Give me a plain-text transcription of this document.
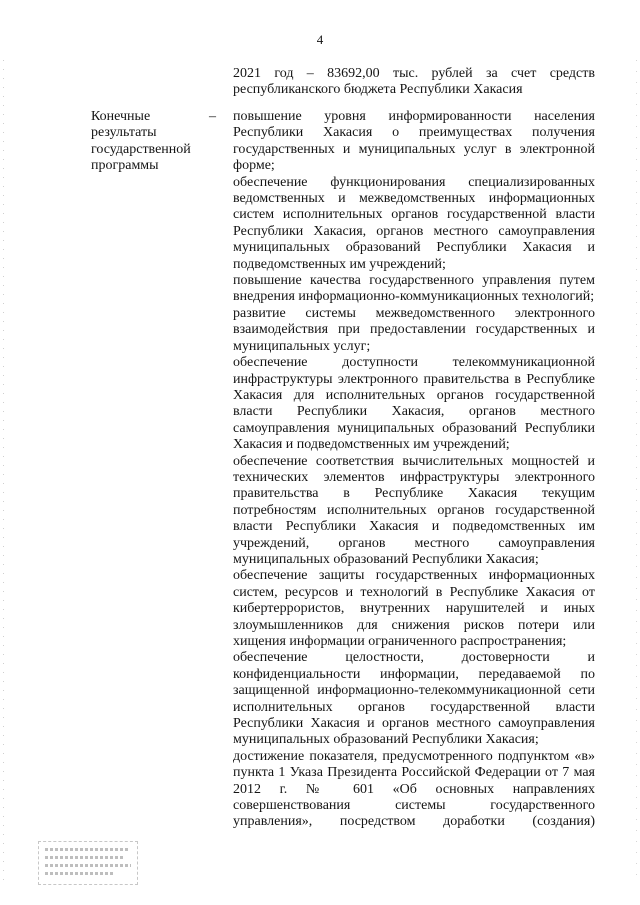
4
2021 год – 83692,00 тыс. рублей за счет средств республиканского бюджета Республики Хакасия
Конечные
результаты
государственной
программы
– повышение уровня информированности населения Республики Хакасия о преимуществах получения государственных и муниципальных услуг в электронной форме;

обеспечение функционирования специализированных ведомственных и межведомственных информационных систем исполнительных органов государственной власти Республики Хакасия, органов местного самоуправления муниципальных образований Республики Хакасия и подведомственных им учреждений;

повышение качества государственного управления путем внедрения информационно-коммуникационных технологий;

развитие системы межведомственного электронного взаимодействия при предоставлении государственных и муниципальных услуг;

обеспечение доступности телекоммуникационной инфраструктуры электронного правительства в Республике Хакасия для исполнительных органов государственной власти Республики Хакасия, органов местного самоуправления муниципальных образований Республики Хакасия и подведомственных им учреждений;

обеспечение соответствия вычислительных мощностей и технических элементов инфраструктуры электронного правительства в Республике Хакасия текущим потребностям исполнительных органов государственной власти Республики Хакасия и подведомственных им учреждений, органов местного самоуправления муниципальных образований Республики Хакасия;

обеспечение защиты государственных информационных систем, ресурсов и технологий в Республике Хакасия от кибертеррористов, внутренних нарушителей и иных злоумышленников для снижения рисков потери или хищения информации ограниченного распространения;

обеспечение целостности, достоверности и конфиденциальности информации, передаваемой по защищенной информационно-телекоммуникационной сети исполнительных органов государственной власти Республики Хакасия и органов местного самоуправления муниципальных образований Республики Хакасия;

достижение показателя, предусмотренного подпунктом «в» пункта 1 Указа Президента Российской Федерации от 7 мая 2012 г. № 601 «Об основных направлениях совершенствования системы государственного управления», посредством доработки (создания)
